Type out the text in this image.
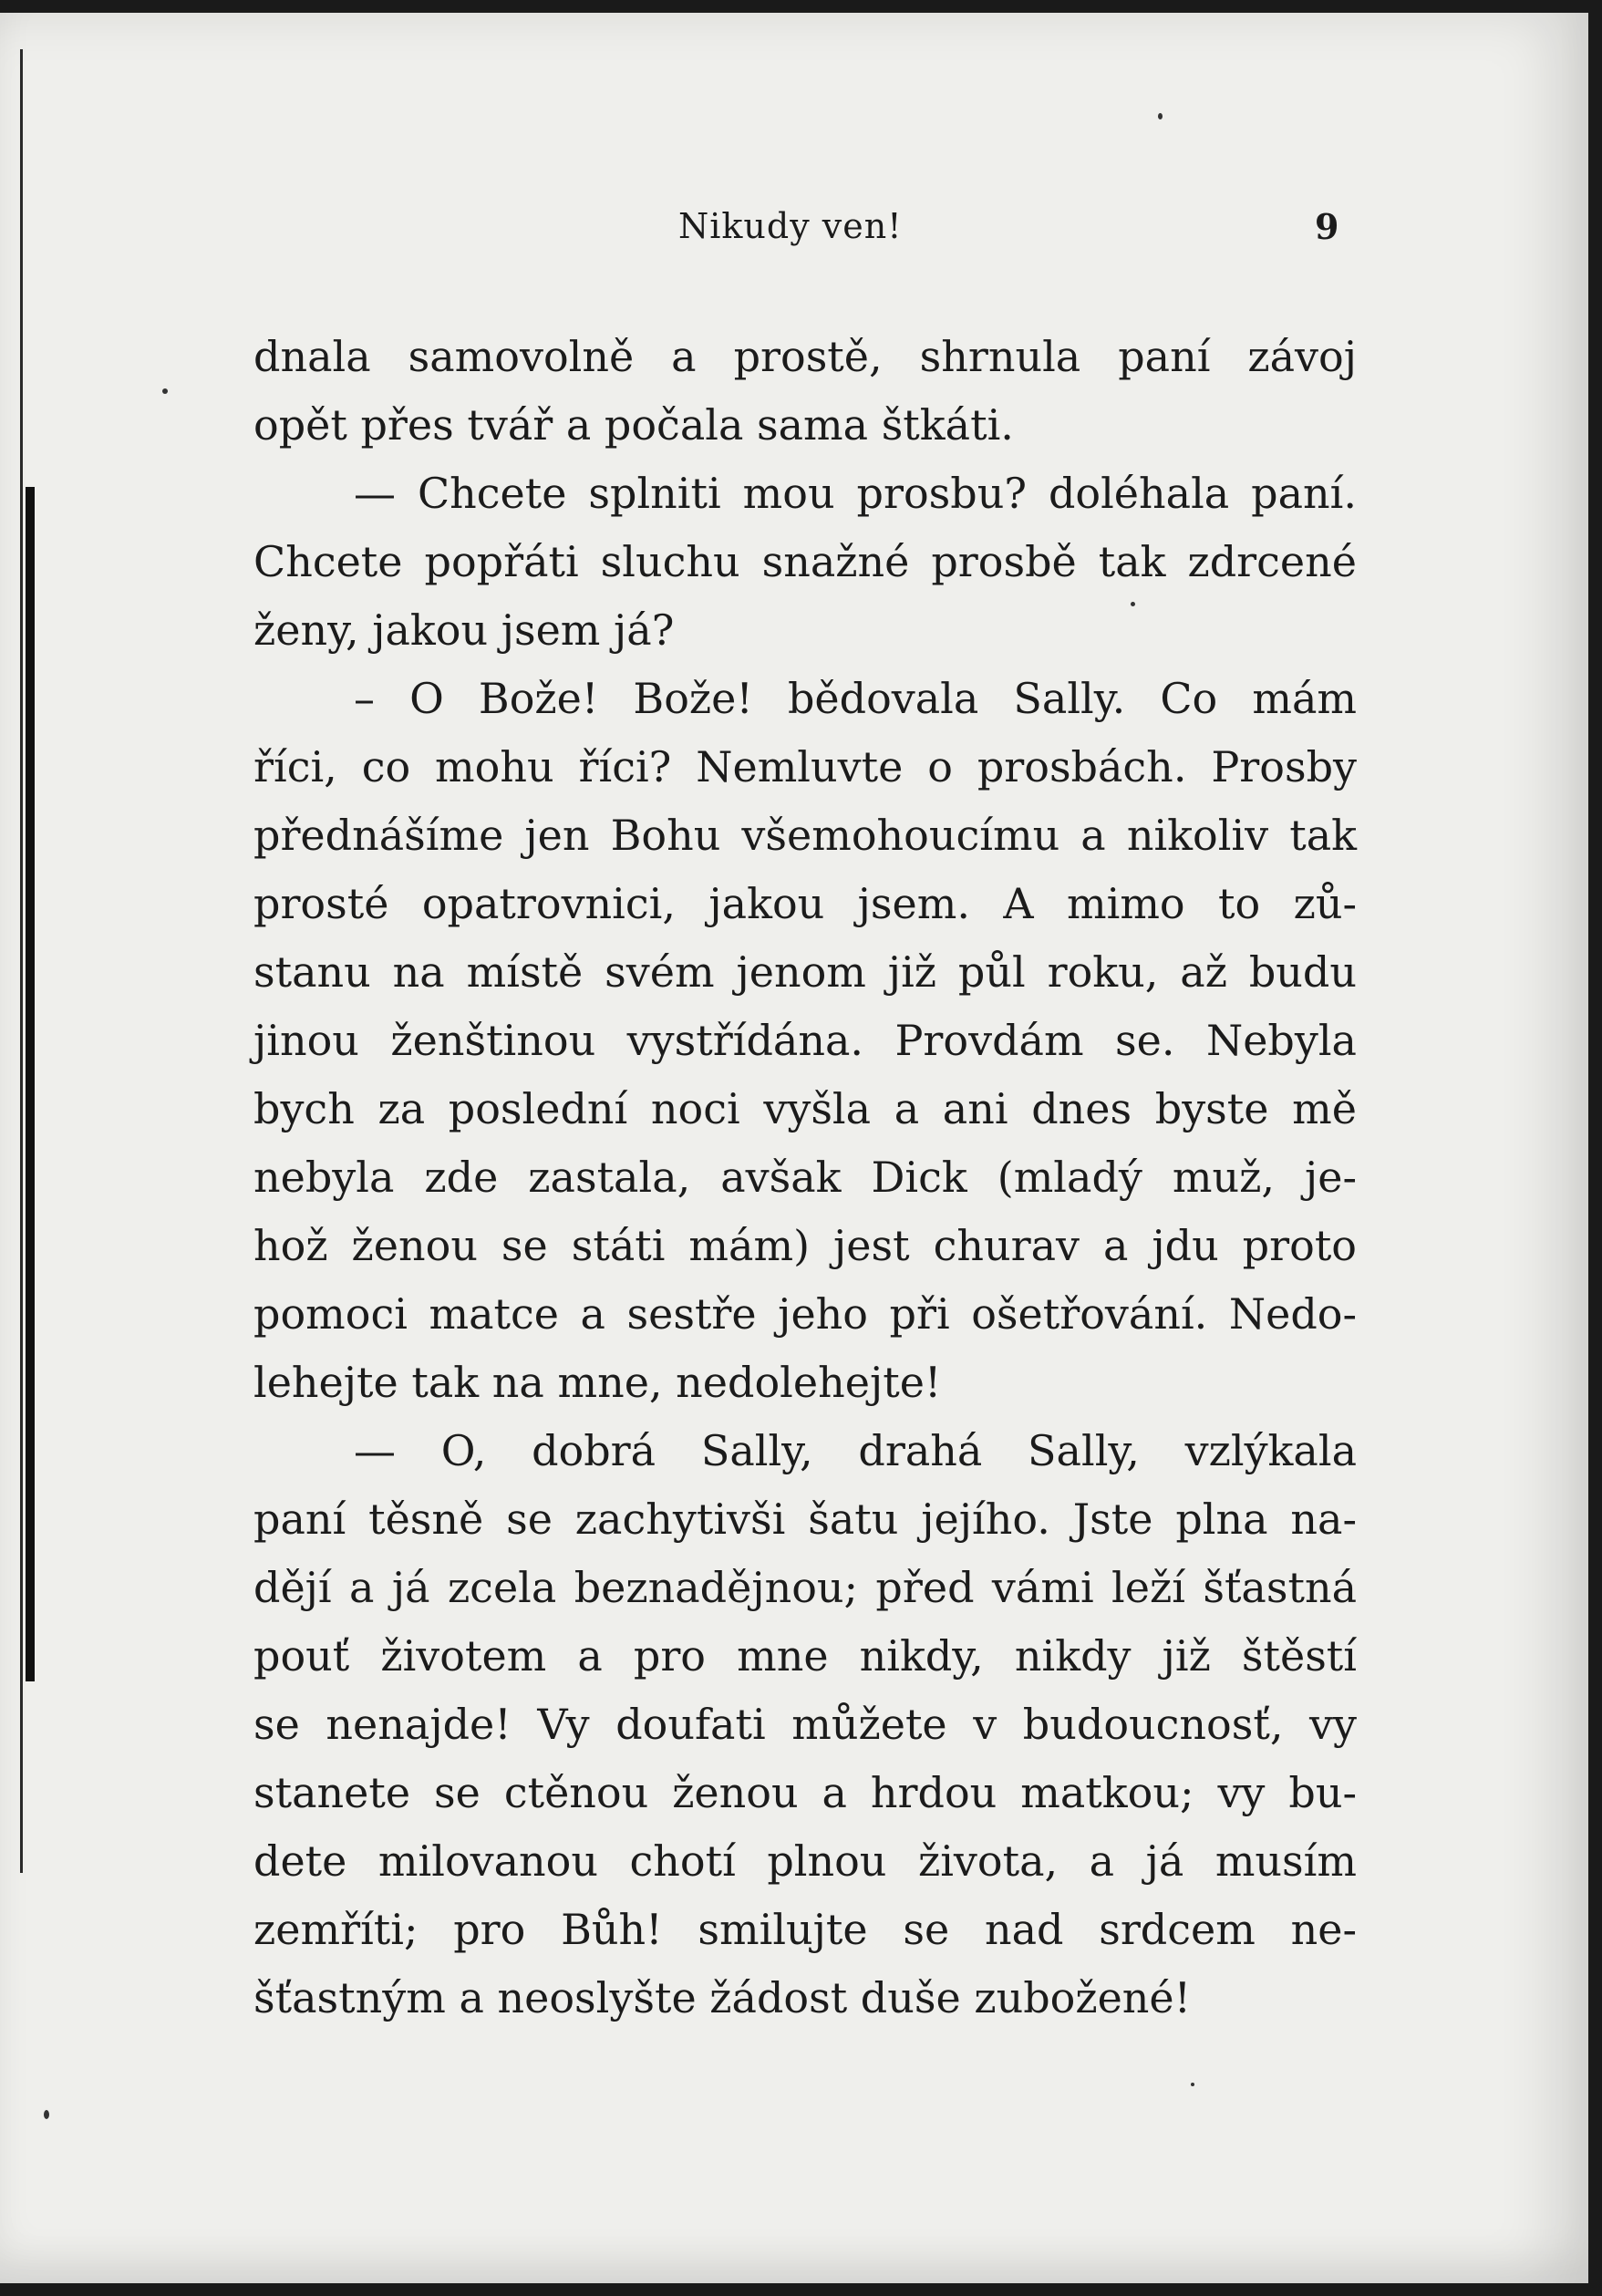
Nikudy ven!	9
dnala samovolně a prostě, shrnula paní závoj
opět přes tvář a počala sama štkáti.
— Chcete splniti mou prosbu? doléhala paní.
Chcete popřáti sluchu snažné prosbě tak zdrcené
ženy, jakou jsem já?
– O Bože! Bože! bědovala Sally. Co mám
říci, co mohu říci? Nemluvte o prosbách. Prosby
přednášíme jen Bohu všemohoucímu a nikoliv tak
prosté opatrovnici, jakou jsem. A mimo to zů-
stanu na místě svém jenom již půl roku, až budu
jinou ženštinou vystřídána. Provdám se. Nebyla
bych za poslední noci vyšla a ani dnes byste mě
nebyla zde zastala, avšak Dick (mladý muž, je-
hož ženou se státi mám) jest churav a jdu proto
pomoci matce a sestře jeho při ošetřování. Nedo-
lehejte tak na mne, nedolehejte!
— O, dobrá Sally, drahá Sally, vzlýkala
paní těsně se zachytivši šatu jejího. Jste plna na-
dějí a já zcela beznadějnou; před vámi leží šťastná
pouť životem a pro mne nikdy, nikdy již štěstí
se nenajde! Vy doufati můžete v budoucnosť, vy
stanete se ctěnou ženou a hrdou matkou; vy bu-
dete milovanou chotí plnou života, a já musím
zemříti; pro Bůh! smilujte se nad srdcem ne-
šťastným a neoslyšte žádost duše zubožené!
